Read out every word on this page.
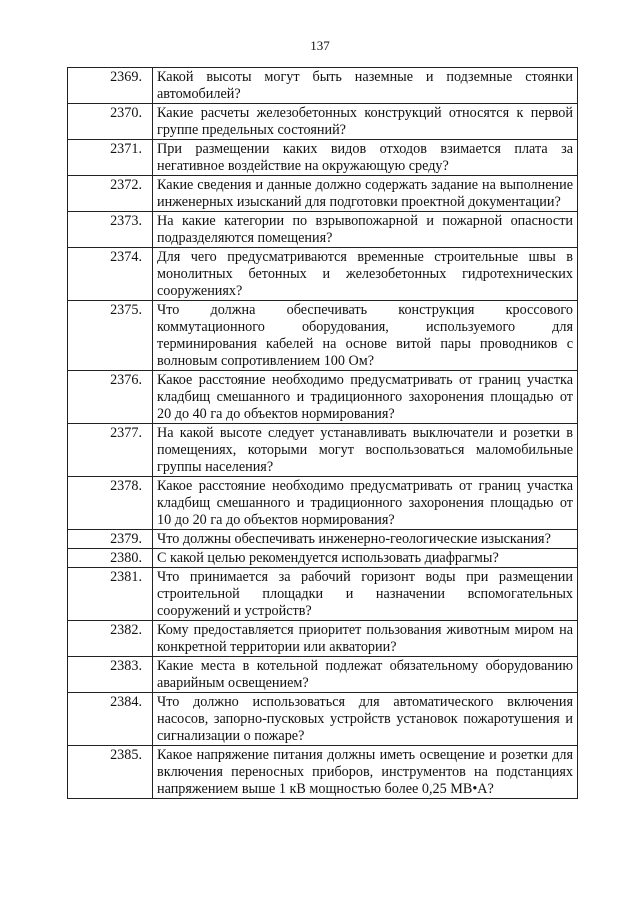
137
2369.	Какой высоты могут быть наземные и подземные стоянки автомобилей?
2370.	Какие расчеты железобетонных конструкций относятся к первой группе предельных состояний?
2371.	При размещении каких видов отходов взимается плата за негативное воздействие на окружающую среду?
2372.	Какие сведения и данные должно содержать задание на выполнение инженерных изысканий для подготовки проектной документации?
2373.	На какие категории по взрывопожарной и пожарной опасности подразделяются помещения?
2374.	Для чего предусматриваются временные строительные швы в монолитных бетонных и железобетонных гидротехнических сооружениях?
2375.	Что должна обеспечивать конструкция кроссового коммутационного оборудования, используемого для терминирования кабелей на основе витой пары проводников с волновым сопротивлением 100 Ом?
2376.	Какое расстояние необходимо предусматривать от границ участка кладбищ смешанного и традиционного захоронения площадью от 20 до 40 га до объектов нормирования?
2377.	На какой высоте следует устанавливать выключатели и розетки в помещениях, которыми могут воспользоваться маломобильные группы населения?
2378.	Какое расстояние необходимо предусматривать от границ участка кладбищ смешанного и традиционного захоронения площадью от 10 до 20 га до объектов нормирования?
2379.	Что должны обеспечивать инженерно-геологические изыскания?
2380.	С какой целью рекомендуется использовать диафрагмы?
2381.	Что принимается за рабочий горизонт воды при размещении строительной площадки и назначении вспомогательных сооружений и устройств?
2382.	Кому предоставляется приоритет пользования животным миром на конкретной территории или акватории?
2383.	Какие места в котельной подлежат обязательному оборудованию аварийным освещением?
2384.	Что должно использоваться для автоматического включения насосов, запорно-пусковых устройств установок пожаротушения и сигнализации о пожаре?
2385.	Какое напряжение питания должны иметь освещение и розетки для включения переносных приборов, инструментов на подстанциях напряжением выше 1 кВ мощностью более 0,25 МВ•А?
